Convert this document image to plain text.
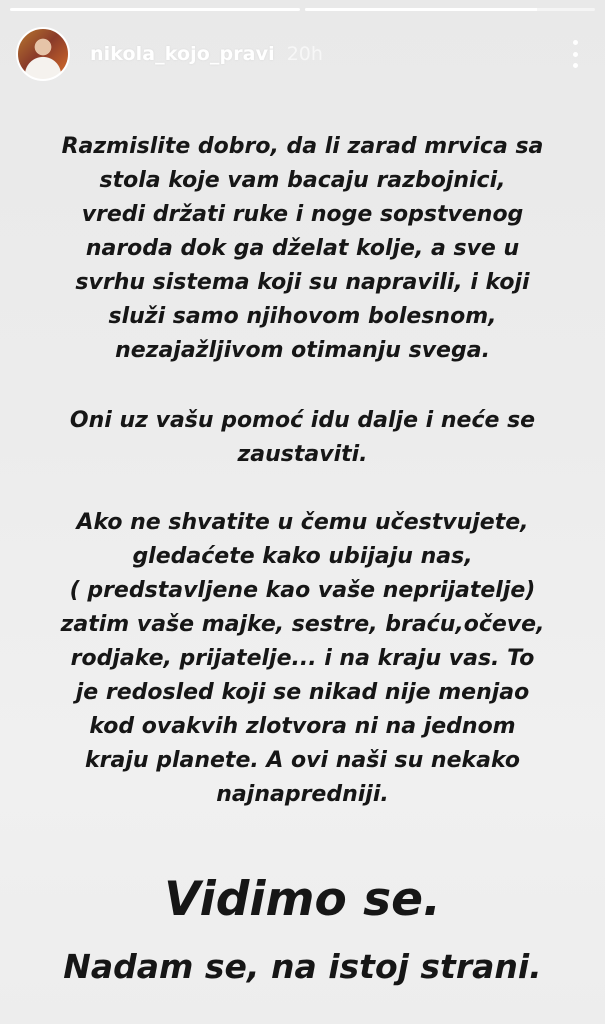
nikola_kojo_pravi 20h
Razmislite dobro, da li zarad mrvica sa
stola koje vam bacaju razbojnici,
vredi držati ruke i noge sopstvenog
naroda dok ga dželat kolje, a sve u
svrhu sistema koji su napravili, i koji
služi samo njihovom bolesnom,
nezajažljivom otimanju svega.
Oni uz vašu pomoć idu dalje i neće se
zaustaviti.
Ako ne shvatite u čemu učestvujete,
gledaćete kako ubijaju nas,
( predstavljene kao vaše neprijatelje)
zatim vaše majke, sestre, braću,očeve,
rodjake, prijatelje... i na kraju vas. To
je redosled koji se nikad nije menjao
kod ovakvih zlotvora ni na jednom
kraju planete. A ovi naši su nekako
najnapredniji.
Vidimo se.
Nadam se, na istoj strani.
